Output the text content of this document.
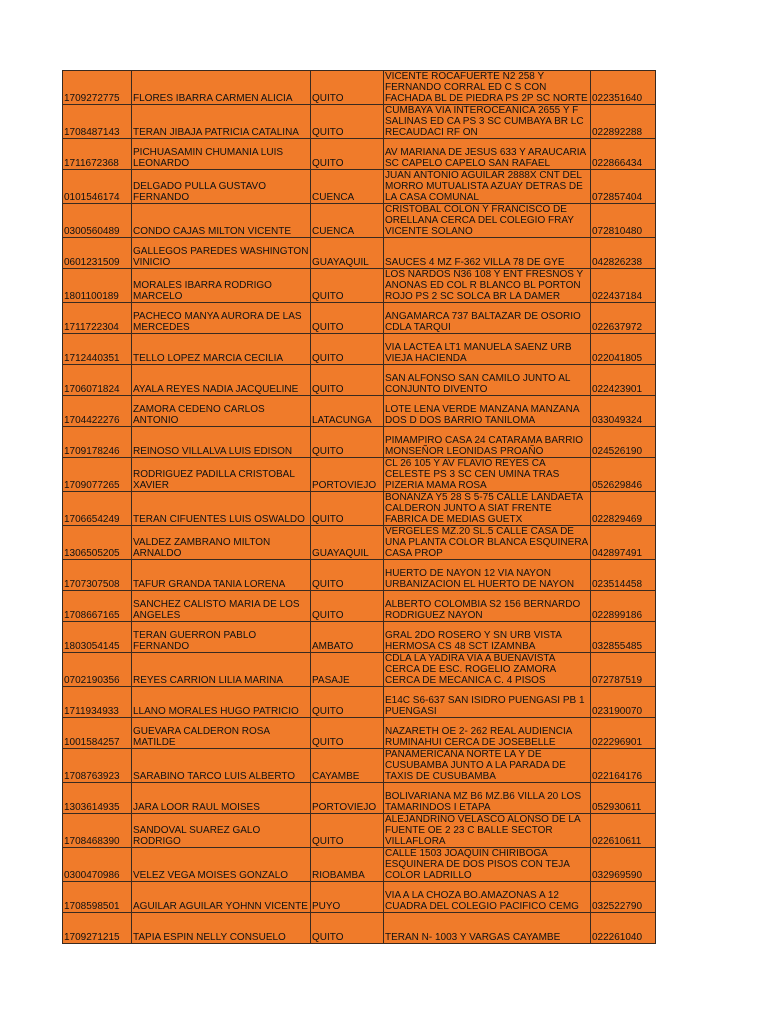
1709272775	FLORES IBARRA CARMEN ALICIA	QUITO	VICENTE ROCAFUERTE N2 258 Y FERNANDO CORRAL ED C S CON FACHADA BL DE PIEDRA PS 2P SC NORTE	022351640

1708487143	TERAN JIBAJA PATRICIA CATALINA	QUITO	CUMBAYA VIA INTEROCEANICA 2655 Y F SALINAS ED CA PS 3 SC CUMBAYA BR LC RECAUDACI RF ON	022892288

1711672368	PICHUASAMIN CHUMANIA LUIS LEONARDO	QUITO	AV MARIANA DE JESUS 633 Y ARAUCARIA SC CAPELO CAPELO SAN RAFAEL	022866434

0101546174	DELGADO PULLA GUSTAVO FERNANDO	CUENCA	JUAN ANTONIO AGUILAR 2888X CNT DEL MORRO MUTUALISTA AZUAY DETRAS DE LA CASA COMUNAL	072857404

0300560489	CONDO CAJAS MILTON VICENTE	CUENCA	CRISTOBAL COLON Y FRANCISCO DE ORELLANA CERCA DEL COLEGIO FRAY VICENTE SOLANO	072810480

0601231509	GALLEGOS PAREDES WASHINGTON VINICIO	GUAYAQUIL	SAUCES 4 MZ F-362 VILLA 78 DE GYE	042826238

1801100189	MORALES IBARRA RODRIGO MARCELO	QUITO	LOS NARDOS N36 108 Y ENT FRESNOS Y ANONAS ED COL R BLANCO BL PORTON ROJO PS 2 SC SOLCA BR LA DAMER	022437184

1711722304	PACHECO MANYA AURORA DE LAS MERCEDES	QUITO	ANGAMARCA 737 BALTAZAR DE OSORIO CDLA TARQUI	022637972

1712440351	TELLO LOPEZ MARCIA CECILIA	QUITO	VIA LACTEA LT1 MANUELA SAENZ URB VIEJA HACIENDA	022041805

1706071824	AYALA REYES NADIA JACQUELINE	QUITO	SAN ALFONSO SAN CAMILO JUNTO AL CONJUNTO DIVENTO	022423901

1704422276	ZAMORA CEDEÑO CARLOS ANTONIO	LATACUNGA	LOTE LENA VERDE MANZANA MANZANA DOS D DOS BARRIO TANILOMA	033049324

1709178246	REINOSO VILLALVA LUIS EDISON	QUITO	PIMAMPIRO CASA 24 CATARAMA BARRIO MONSEÑOR LEONIDAS PROAÑO	024526190

1709077265	RODRIGUEZ PADILLA CRISTOBAL XAVIER	PORTOVIEJO	CL 26 105 Y AV FLAVIO REYES CA CELESTE PS 3 SC CEN UMINA TRAS PIZERIA MAMA ROSA	052629846

1706654249	TERAN CIFUENTES LUIS OSWALDO	QUITO	BONANZA Y5 28 S 5-75 CALLE LANDAETA CALDERON JUNTO A SIAT FRENTE FABRICA DE MEDIAS GUETX	022829469

1306505205	VALDEZ ZAMBRANO MILTON ARNALDO	GUAYAQUIL	VERGELES MZ.20 SL.5 CALLE CASA DE UNA PLANTA COLOR BLANCA ESQUINERA CASA PROP	042897491

1707307508	TAFUR GRANDA TANIA LORENA	QUITO	HUERTO DE NAYON 12 VIA NAYON URBANIZACION EL HUERTO DE NAYON	023514458

1708667165	SANCHEZ CALISTO MARIA DE LOS ANGELES	QUITO	ALBERTO COLOMBIA S2 156 BERNARDO RODRIGUEZ NAYON	022899186

1803054145	TERAN GUERRON PABLO FERNANDO	AMBATO	GRAL 2DO ROSERO Y SN URB VISTA HERMOSA CS 48 SCT IZAMNBA	032855485

0702190356	REYES CARRION LILIA MARINA	PASAJE	CDLA LA YADIRA VIA A BUENAVISTA CERCA DE ESC. ROGELIO ZAMORA CERCA DE MECANICA C. 4 PISOS	072787519

1711934933	LLANO MORALES HUGO PATRICIO	QUITO	E14C S6-637 SAN ISIDRO PUENGASI PB 1 PUENGASI	023190070

1001584257	GUEVARA CALDERON ROSA MATILDE	QUITO	NAZARETH OE 2- 262 REAL AUDIENCIA RUMINAHUI CERCA DE JOSEBELLE	022296901

1708763923	SARABINO TARCO LUIS ALBERTO	CAYAMBE	PANAMERICANA NORTE LA Y DE CUSUBAMBA JUNTO A LA PARADA DE TAXIS DE CUSUBAMBA	022164176

1303614935	JARA LOOR RAUL MOISES	PORTOVIEJO	BOLIVARIANA MZ B6 MZ.B6 VILLA 20 LOS TAMARINDOS I ETAPA	052930611

1708468390	SANDOVAL SUAREZ GALO RODRIGO	QUITO	ALEJANDRINO VELASCO ALONSO DE LA FUENTE OE 2 23 C BALLE SECTOR VILLAFLORA	022610611

0300470986	VELEZ VEGA MOISES GONZALO	RIOBAMBA	CALLE 1503 JOAQUIN CHIRIBOGA ESQUINERA DE DOS PISOS CON TEJA COLOR LADRILLO	032969590

1708598501	AGUILAR AGUILAR YOHNN VICENTE	PUYO	VIA A LA CHOZA BO.AMAZONAS A 12 CUADRA DEL COLEGIO PACIFICO CEMG	032522790

1709271215	TAPIA ESPIN NELLY CONSUELO	QUITO	TERAN N- 1003 Y VARGAS CAYAMBE	022261040
